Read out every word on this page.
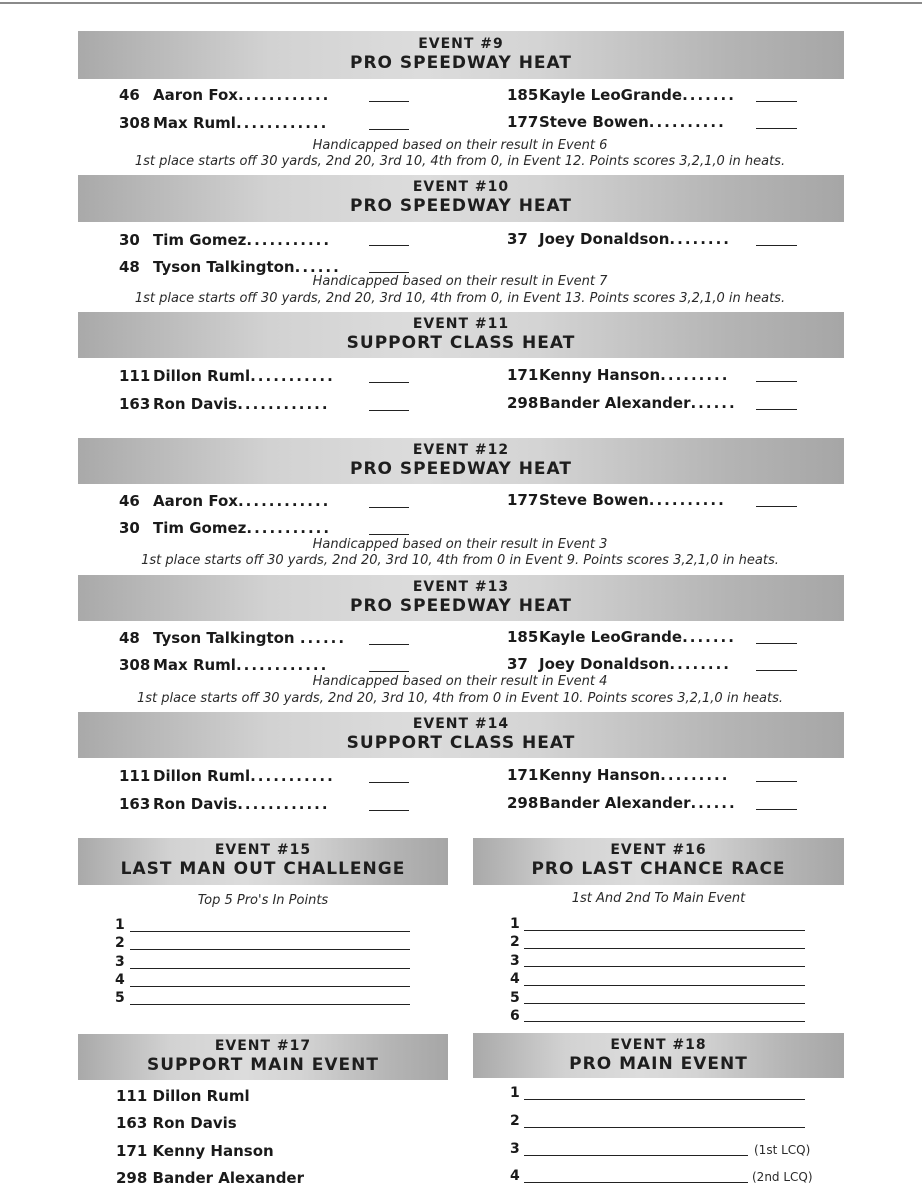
EVENT #9
PRO SPEEDWAY HEAT
46 Aaron Fox............
308 Max Ruml............
185Kayle LeoGrande.......
177Steve Bowen..........
Handicapped based on their result in Event 6
1st place starts off 30 yards, 2nd 20, 3rd 10, 4th from 0, in Event 12. Points scores 3,2,1,0 in heats.
EVENT #10
PRO SPEEDWAY HEAT
30 Tim Gomez...........
48 Tyson Talkington......
37 Joey Donaldson........
Handicapped based on their result in Event 7
1st place starts off 30 yards, 2nd 20, 3rd 10, 4th from 0, in Event 13. Points scores 3,2,1,0 in heats.
EVENT #11
SUPPORT CLASS HEAT
111 Dillon Ruml...........
163 Ron Davis............
171Kenny Hanson.........
298Bander Alexander......
EVENT #12
PRO SPEEDWAY HEAT
46 Aaron Fox............
30 Tim Gomez...........
177Steve Bowen..........
Handicapped based on their result in Event 3
1st place starts off 30 yards, 2nd 20, 3rd 10, 4th from 0 in Event 9. Points scores 3,2,1,0 in heats.
EVENT #13
PRO SPEEDWAY HEAT
48 Tyson Talkington ......
308 Max Ruml............
185Kayle LeoGrande.......
37 Joey Donaldson........
Handicapped based on their result in Event 4
1st place starts off 30 yards, 2nd 20, 3rd 10, 4th from 0 in Event 10. Points scores 3,2,1,0 in heats.
EVENT #14
SUPPORT CLASS HEAT
111 Dillon Ruml...........
163 Ron Davis............
171Kenny Hanson.........
298Bander Alexander......
EVENT #15
LAST MAN OUT CHALLENGE
Top 5 Pro's In Points
1
2
3
4
5
EVENT #16
PRO LAST CHANCE RACE
1st And 2nd To Main Event
1
2
3
4
5
6
EVENT #17
SUPPORT MAIN EVENT
111 Dillon Ruml
163 Ron Davis
171 Kenny Hanson
298 Bander Alexander
EVENT #18
PRO MAIN EVENT
1
2
3	(1st LCQ)
4	(2nd LCQ)
